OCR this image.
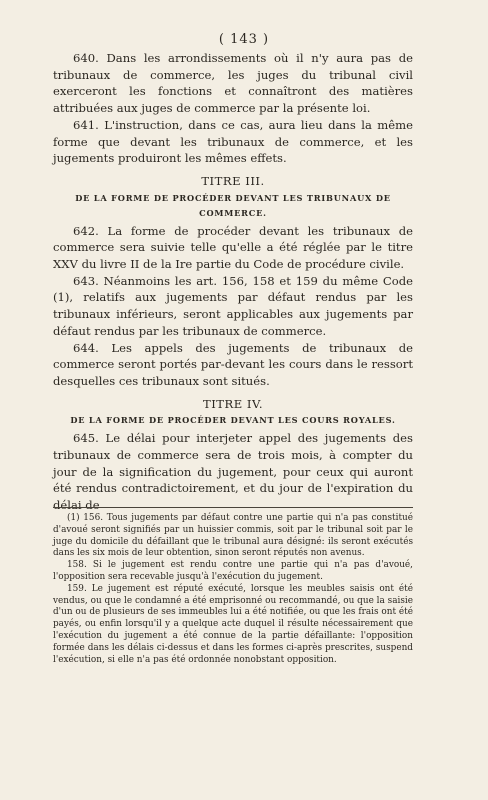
( 143 )

640. Dans les arrondissements où il n'y aura pas de tribunaux de commerce, les juges du tribunal civil exerceront les fonctions et connaîtront des matières attribuées aux juges de commerce par la présente loi.

641. L'instruction, dans ce cas, aura lieu dans la même forme que devant les tribunaux de commerce, et les jugements produiront les mêmes effets.

TITRE III.
DE LA FORME DE PROCÉDER DEVANT LES TRIBUNAUX DE COMMERCE.

642. La forme de procéder devant les tribunaux de commerce sera suivie telle qu'elle a été réglée par le titre XXV du livre II de la Ire partie du Code de procédure civile.

643. Néanmoins les art. 156, 158 et 159 du même Code (1), relatifs aux jugements par défaut rendus par les tribunaux inférieurs, seront applicables aux jugements par défaut rendus par les tribunaux de commerce.

644. Les appels des jugements de tribunaux de commerce seront portés par-devant les cours dans le ressort desquelles ces tribunaux sont situés.

TITRE IV.
DE LA FORME DE PROCÉDER DEVANT LES COURS ROYALES.

645. Le délai pour interjeter appel des jugements des tribunaux de commerce sera de trois mois, à compter du jour de la signification du jugement, pour ceux qui auront été rendus contradictoirement, et du jour de l'expiration du délai de

(1) 156. Tous jugements par défaut contre une partie qui n'a pas constitué d'avoué seront signifiés par un huissier commis, soit par le tribunal soit par le juge du domicile du défaillant que le tribunal aura désigné: ils seront exécutés dans les six mois de leur obtention, sinon seront réputés non avenus.

158. Si le jugement est rendu contre une partie qui n'a pas d'avoué, l'opposition sera recevable jusqu'à l'exécution du jugement.

159. Le jugement est réputé exécuté, lorsque les meubles saisis ont été vendus, ou que le condamné a été emprisonné ou recommandé, ou que la saisie d'un ou de plusieurs de ses immeubles lui a été notifiée, ou que les frais ont été payés, ou enfin lorsqu'il y a quelque acte duquel il résulte nécessairement que l'exécution du jugement a été connue de la partie défaillante: l'opposition formée dans les délais ci-dessus et dans les formes ci-après prescrites, suspend l'exécution, si elle n'a pas été ordonnée nonobstant opposition.
